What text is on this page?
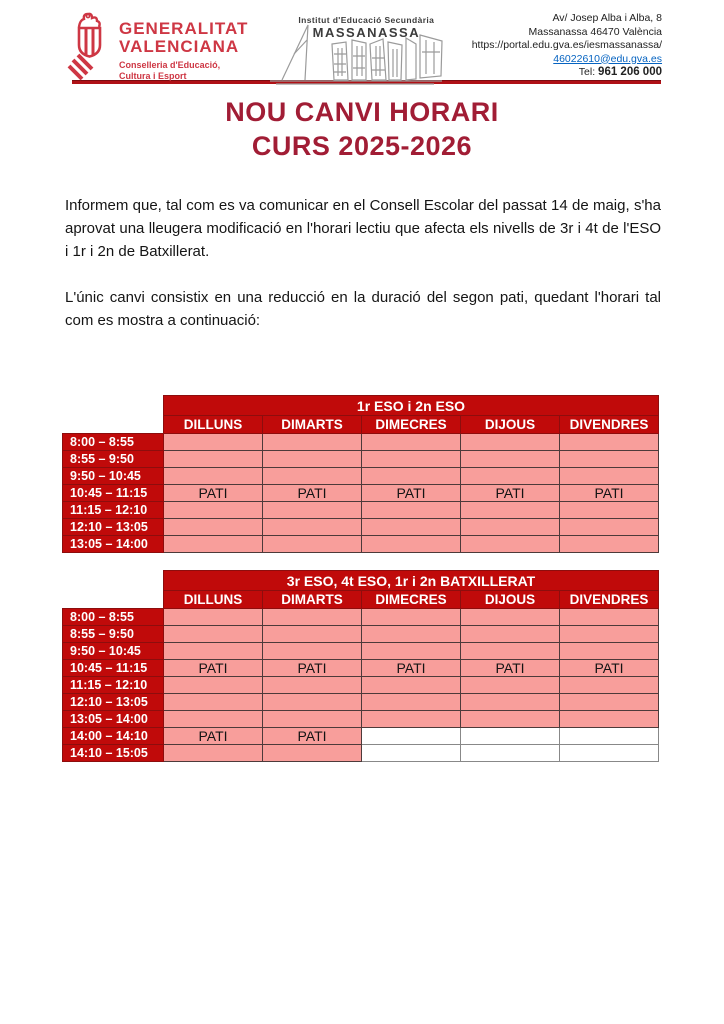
GENERALITAT
VALENCIANA
Conselleria d'Educació,
Cultura i Esport
Institut d'Educació Secundària
MASSANASSA
Av/ Josep Alba i Alba, 8
Massanassa 46470 València
https://portal.edu.gva.es/iesmassanassa/
46022610@edu.gva.es
Tel: 961 206 000
NOU CANVI HORARI
CURS 2025-2026

Informem que, tal com es va comunicar en el Consell Escolar del passat 14 de maig, s'ha aprovat una lleugera modificació en l'horari lectiu que afecta els nivells de 3r i 4t de l'ESO i 1r i 2n de Batxillerat.

L'únic canvi consistix en una reducció en la duració del segon pati, quedant l'horari tal com es mostra a continuació:

	1r ESO i 2n ESO				
	DILLUNS	DIMARTS	DIMECRES	DIJOUS	DIVENDRES
8:00 – 8:55					
8:55 – 9:50					
9:50 – 10:45					
10:45 – 11:15	PATI	PATI	PATI	PATI	PATI
11:15 – 12:10					
12:10 – 13:05					
13:05 – 14:00					
	3r ESO, 4t ESO, 1r i 2n BATXILLERAT				
	DILLUNS	DIMARTS	DIMECRES	DIJOUS	DIVENDRES
8:00 – 8:55					
8:55 – 9:50					
9:50 – 10:45					
10:45 – 11:15	PATI	PATI	PATI	PATI	PATI
11:15 – 12:10					
12:10 – 13:05					
13:05 – 14:00					
14:00 – 14:10	PATI	PATI			
14:10 – 15:05					
